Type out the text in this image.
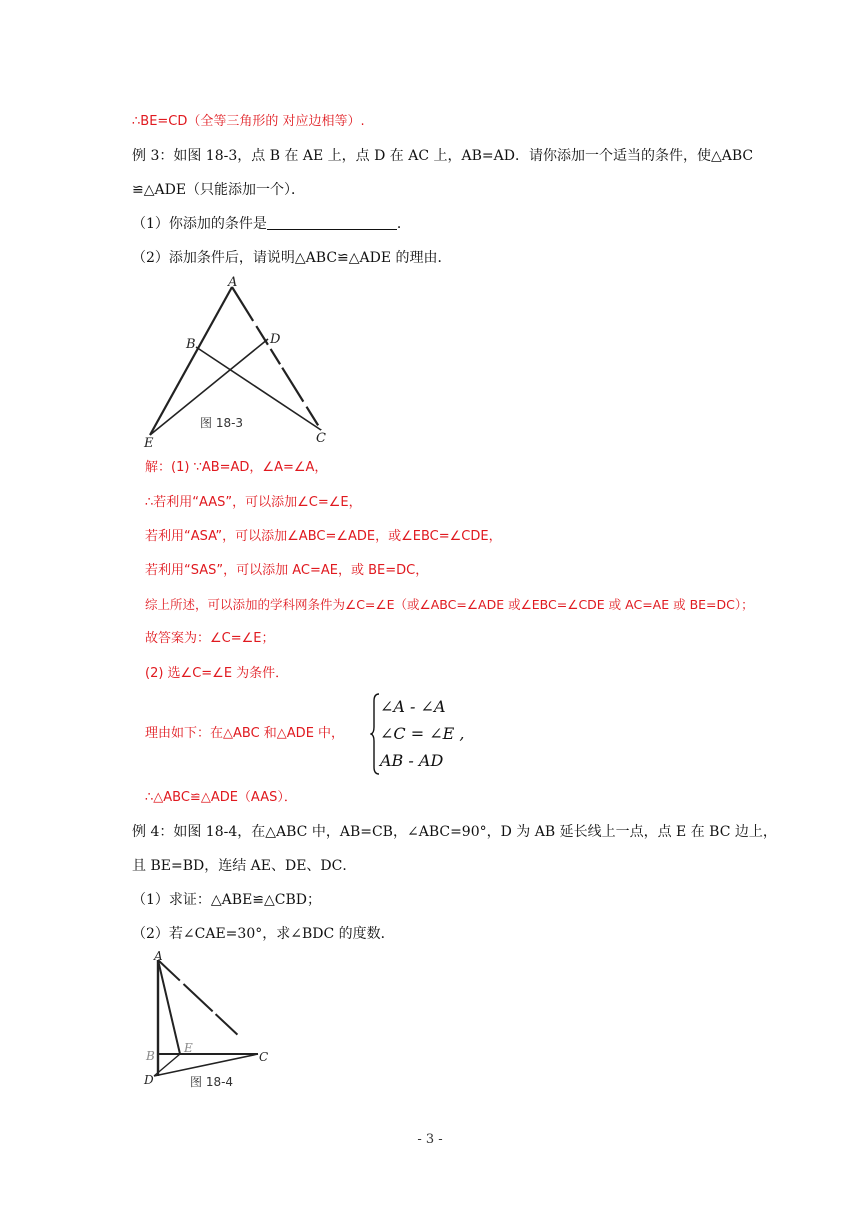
∴BE=CD（全等三角形的 对应边相等）.
例 3：如图 18-3，点 B 在 AE 上，点 D 在 AC 上，AB=AD．请你添加一个适当的条件，使△ABC
≌△ADE（只能添加一个）．
（1）你添加的条件是	．
（2）添加条件后，请说明△ABC≌△ADE 的理由．
A
B	D
E	C
图 18-3
解：(1) ∵AB=AD，∠A=∠A，
∴若利用“AAS”，可以添加∠C=∠E，
若利用“ASA”，可以添加∠ABC=∠ADE，或∠EBC=∠CDE，
若利用“SAS”，可以添加 AC=AE，或 BE=DC，
综上所述，可以添加的学科网条件为∠C=∠E（或∠ABC=∠ADE 或∠EBC=∠CDE 或 AC=AE 或 BE=DC）；
故答案为：∠C=∠E；
(2) 选∠C=∠E 为条件．
理由如下：在△ABC 和△ADE 中，
∠A - ∠A
∠C = ∠E ,
AB - AD
∴△ABC≌△ADE（AAS）．
例 4：如图 18-4，在△ABC 中，AB=CB，∠ABC=90°，D 为 AB 延长线上一点，点 E 在 BC 边上，
且 BE=BD，连结 AE、DE、DC．
（1）求证：△ABE≌△CBD；
（2）若∠CAE=30°，求∠BDC 的度数．
A
B
E
D
C
图 18-4
- 3 -
